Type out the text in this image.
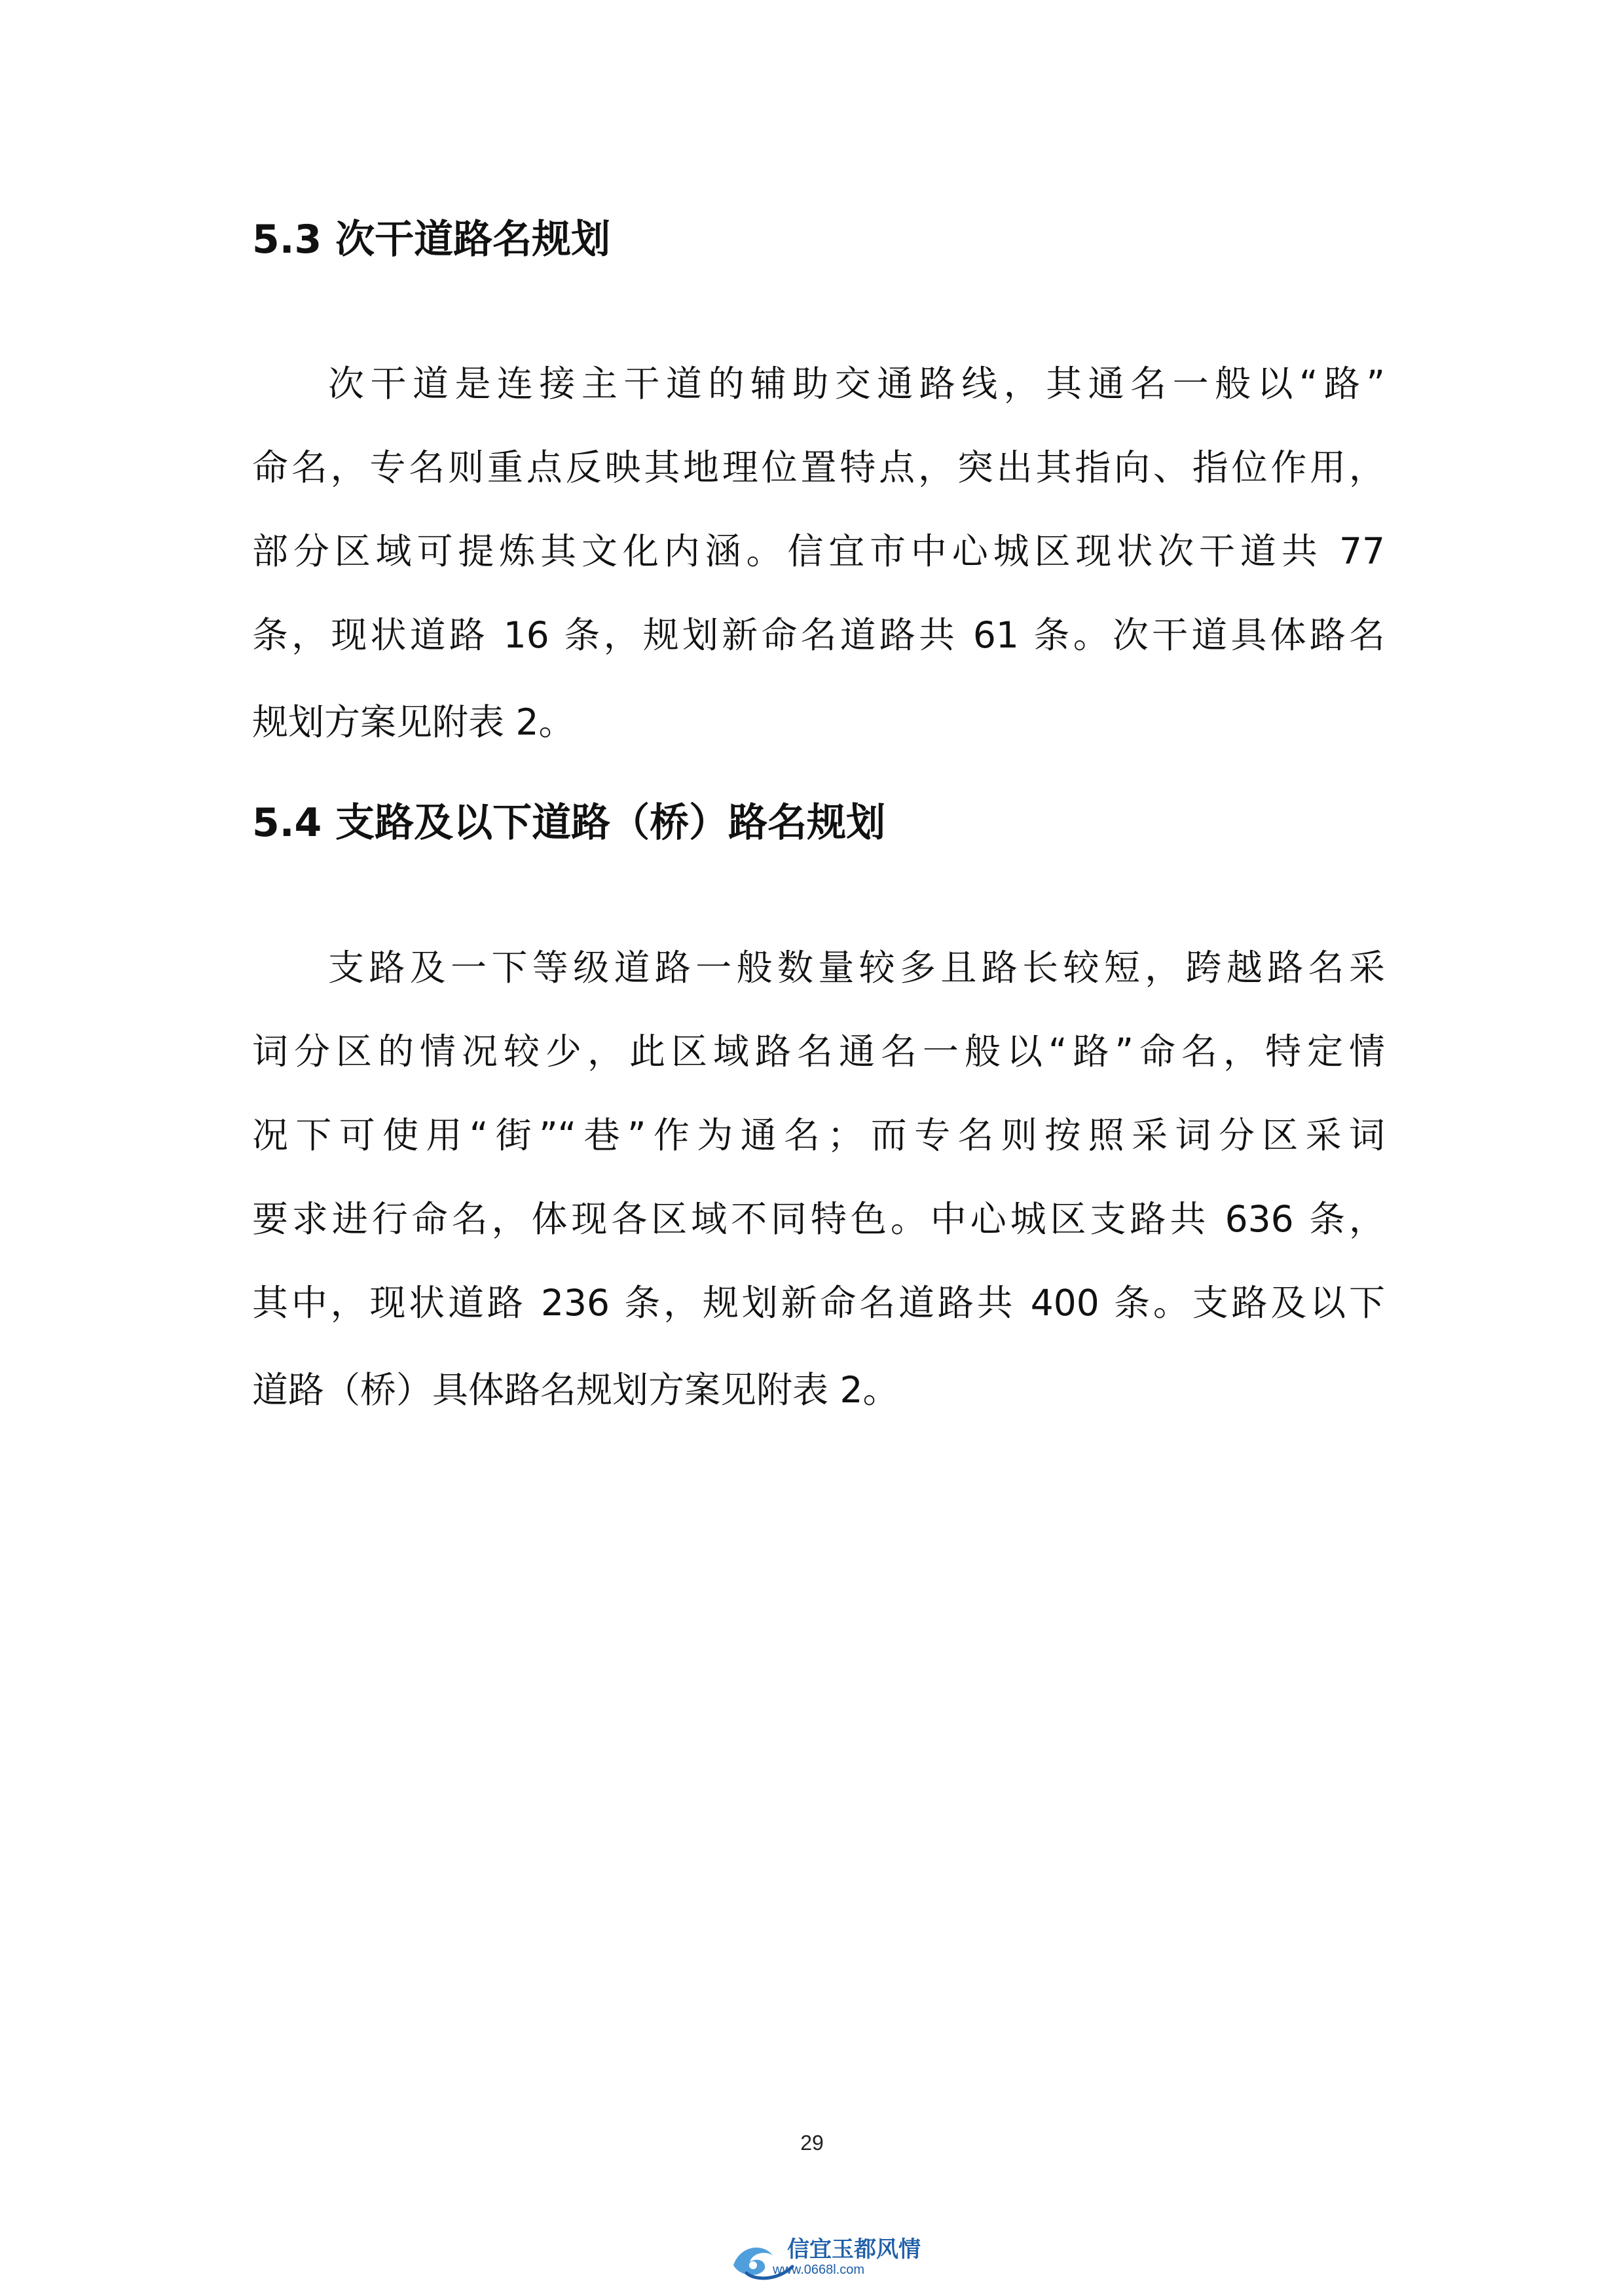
5.3 次干道路名规划
次干道是连接主干道的辅助交通路线，其通名一般以“路”
命名，专名则重点反映其地理位置特点，突出其指向、指位作用，
部分区域可提炼其文化内涵。信宜市中心城区现状次干道共 77
条，现状道路 16 条，规划新命名道路共 61 条。次干道具体路名
规划方案见附表 2。
5.4 支路及以下道路（桥）路名规划
支路及一下等级道路一般数量较多且路长较短，跨越路名采
词分区的情况较少，此区域路名通名一般以“路”命名，特定情
况下可使用“街”“巷”作为通名；而专名则按照采词分区采词
要求进行命名，体现各区域不同特色。中心城区支路共 636 条，
其中，现状道路 236 条，规划新命名道路共 400 条。支路及以下
道路（桥）具体路名规划方案见附表 2。
29
信宜玉都风情
www.0668l.com
